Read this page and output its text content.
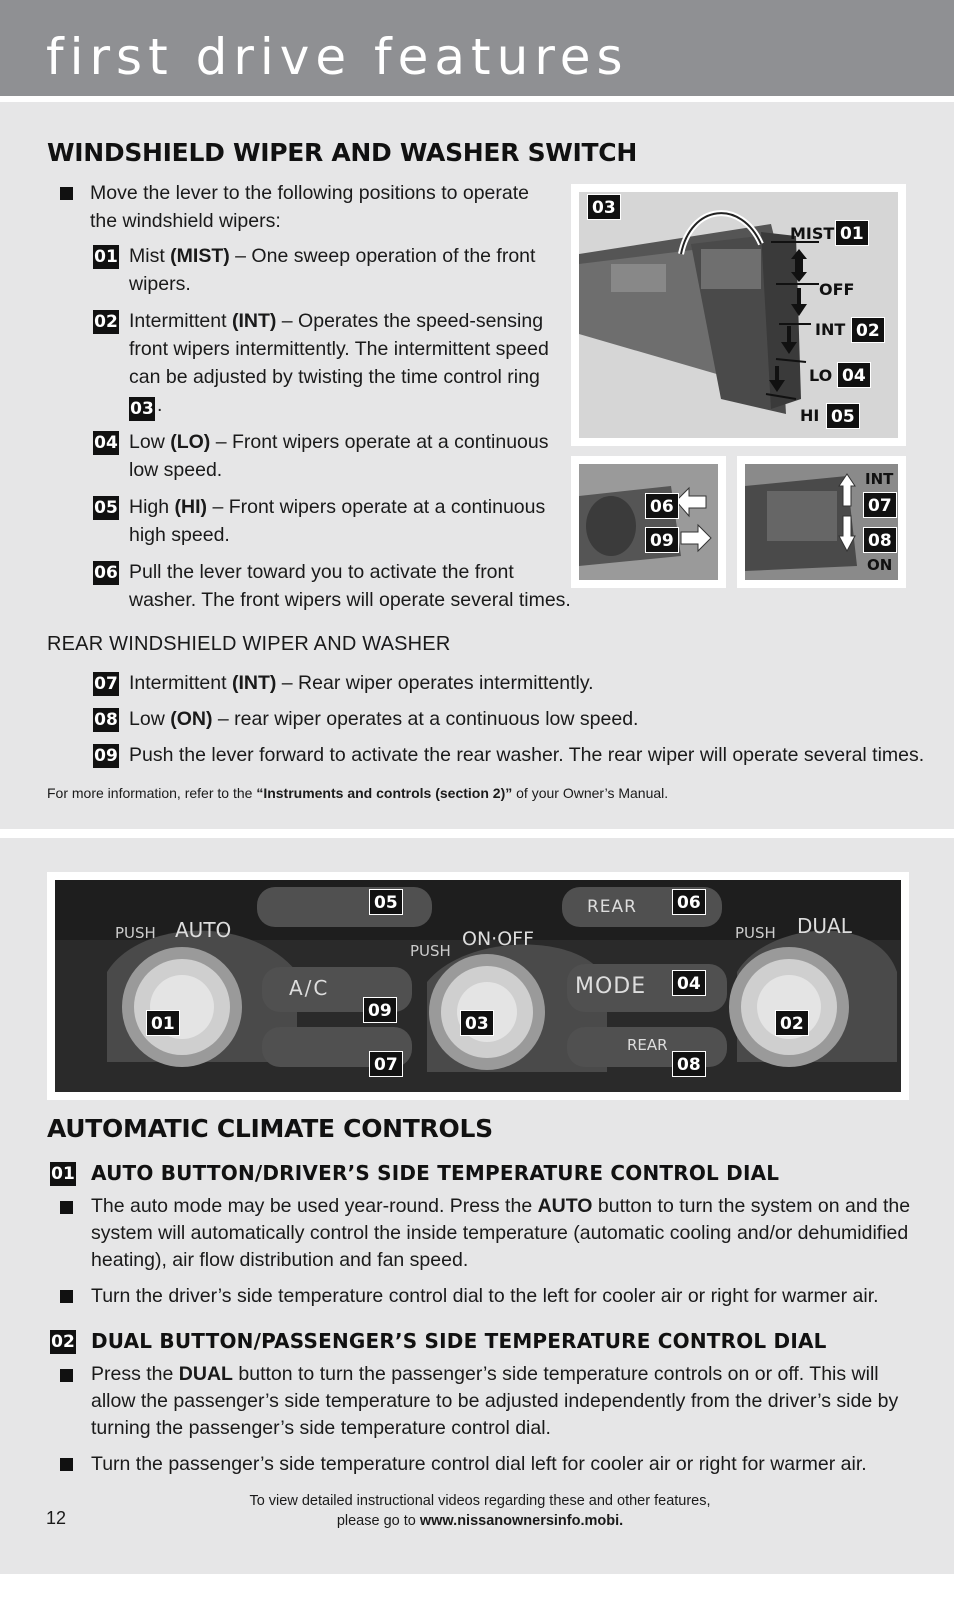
first drive features
WINDSHIELD WIPER AND WASHER SWITCH
Move the lever to the following positions to operate the windshield wipers:
01 Mist (MIST) – One sweep operation of the front wipers.
02 Intermittent (INT) – Operates the speed-sensing front wipers intermittently. The intermittent speed can be adjusted by twisting the time control ring 03 .
04 Low (LO) – Front wipers operate at a continuous low speed.
05 High (HI) – Front wipers operate at a continuous high speed.
06 Pull the lever toward you to activate the front washer. The front wipers will operate several times.
03
MIST 01
OFF
INT 02
LO 04
HI 05
06
09
INT
07
08
ON
REAR WINDSHIELD WIPER AND WASHER
07 Intermittent (INT) – Rear wiper operates intermittently.
08 Low (ON) – rear wiper operates at a continuous low speed.
09 Push the lever forward to activate the rear washer. The rear wiper will operate several times.
For more information, refer to the “Instruments and controls (section 2)” of your Owner’s Manual.
PUSH AUTO
PUSH
ON·OFF	PUSH DUAL
A/C	MODE
REAR
REAR
01	02
03
04
05	06
07	08
09
AUTOMATIC CLIMATE CONTROLS
01 AUTO BUTTON/DRIVER’S SIDE TEMPERATURE CONTROL DIAL
The auto mode may be used year-round. Press the AUTO button to turn the system on and the system will automatically control the inside temperature (automatic cooling and/or dehumidified heating), air flow distribution and fan speed.
Turn the driver’s side temperature control dial to the left for cooler air or right for warmer air.
02 DUAL BUTTON/PASSENGER’S SIDE TEMPERATURE CONTROL DIAL
Press the DUAL button to turn the passenger’s side temperature controls on or off. This will allow the passenger’s side temperature to be adjusted independently from the driver’s side by turning the passenger’s side temperature control dial.
Turn the passenger’s side temperature control dial left for cooler air or right for warmer air.
12
To view detailed instructional videos regarding these and other features,
please go to www.nissanownersinfo.mobi.
